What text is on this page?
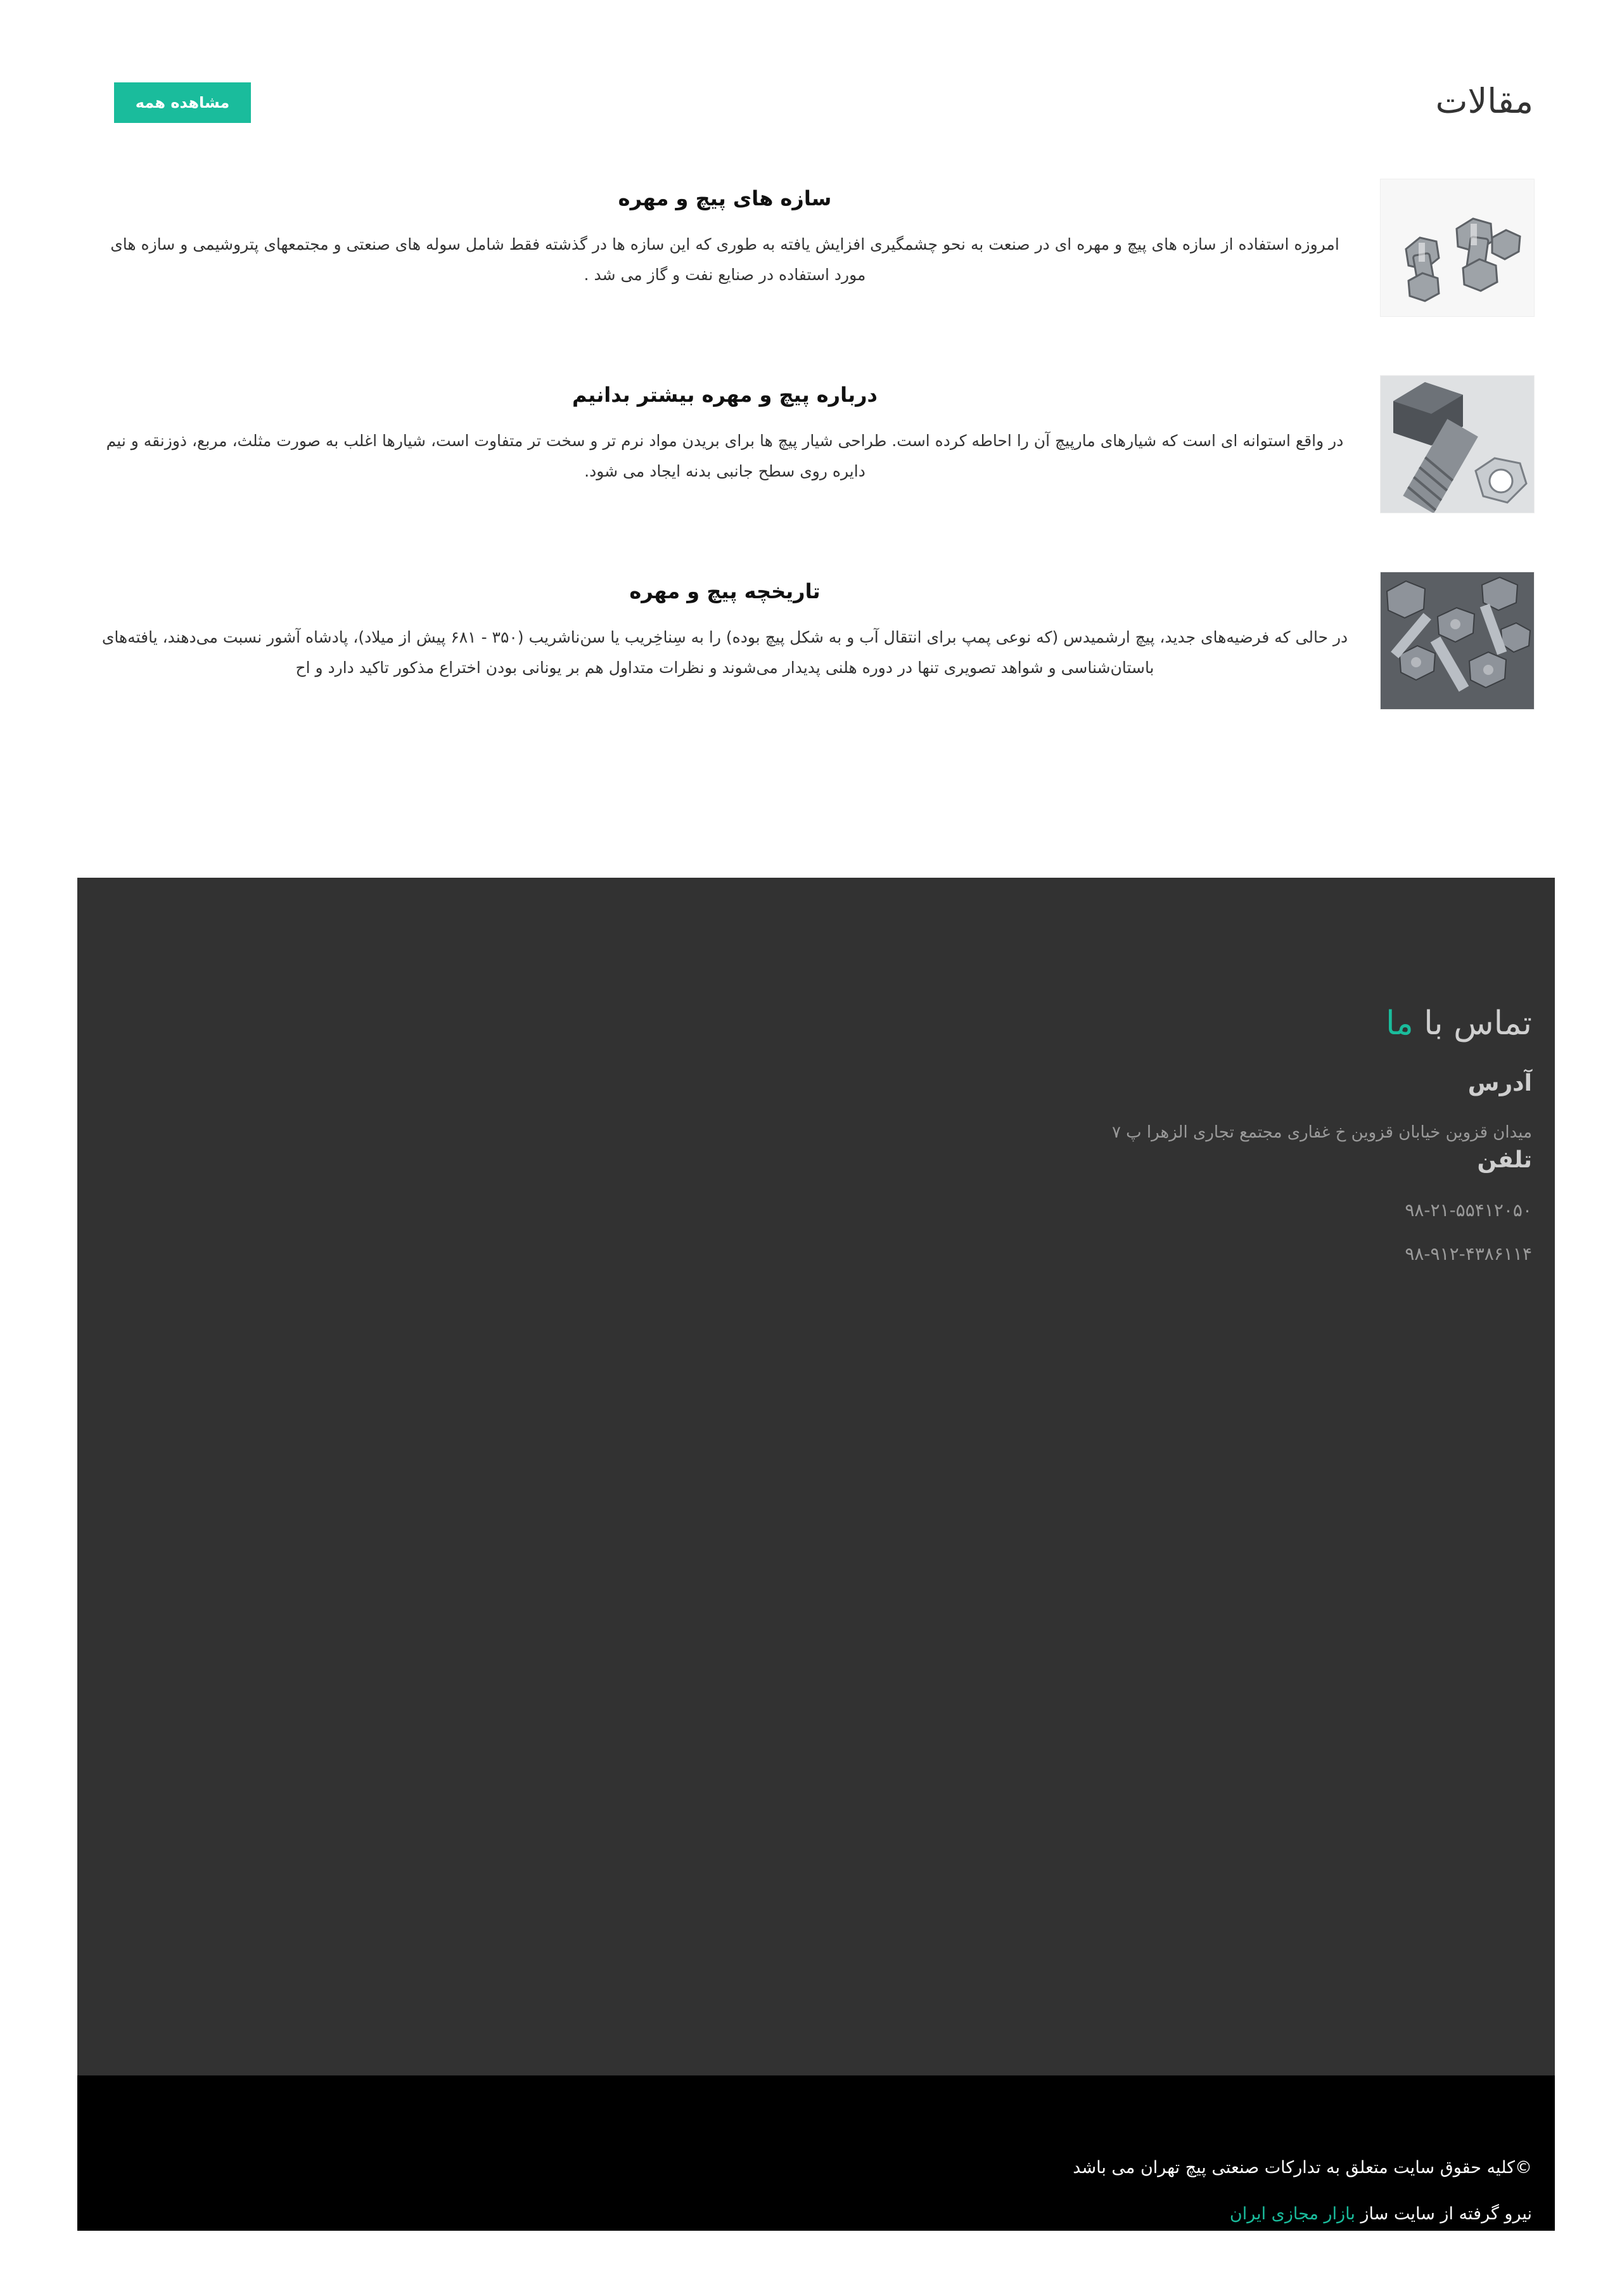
مقالات
مشاهده همه
سازه های پیچ و مهره

امروزه استفاده از سازه های پیچ و مهره ای در صنعت به نحو چشمگیری افزایش یافته به طوری که این سازه ها در گذشته فقط شامل سوله های صنعتی و مجتمعهای پتروشیمی و سازه های مورد استفاده در صنایع نفت و گاز می شد .

درباره پیچ و مهره بیشتر بدانیم

در واقع استوانه ای است که شیارهای مارپیچ آن را احاطه کرده است. طراحی شیار پیچ ها برای بریدن مواد نرم تر و سخت تر متفاوت است، شیارها اغلب به صورت مثلث، مربع، ذوزنقه و نیم دایره روی سطح جانبی بدنه ایجاد می شود.

تاریخچه پیچ و مهره

در حالی که فرضیه‌های جدید، پیچ ارشمیدس (که نوعی پمپ برای انتقال آب و به شکل پیچ بوده) را به سِناخِریب یا سن‌ناشریب (۳۵۰ - ۶۸۱ پیش از میلاد)، پادشاه آشور نسبت می‌دهند، یافته‌های باستان‌شناسی و شواهد تصویری تنها در دوره هلنی پدیدار می‌شوند و نظرات متداول هم بر یونانی بودن اختراع مذکور تاکید دارد و اح

تماس با ما
آدرس

میدان قزوین خیابان قزوین خ غفاری مجتمع تجاری الزهرا پ ۷

تلفن

۹۸-۲۱-۵۵۴۱۲۰۵۰

۹۸-۹۱۲-۴۳۸۶۱۱۴

©کلیه حقوق سایت متعلق به تدارکات صنعتی پیچ تهران می باشد

نیرو گرفته از سایت ساز بازار مجازی ایران
